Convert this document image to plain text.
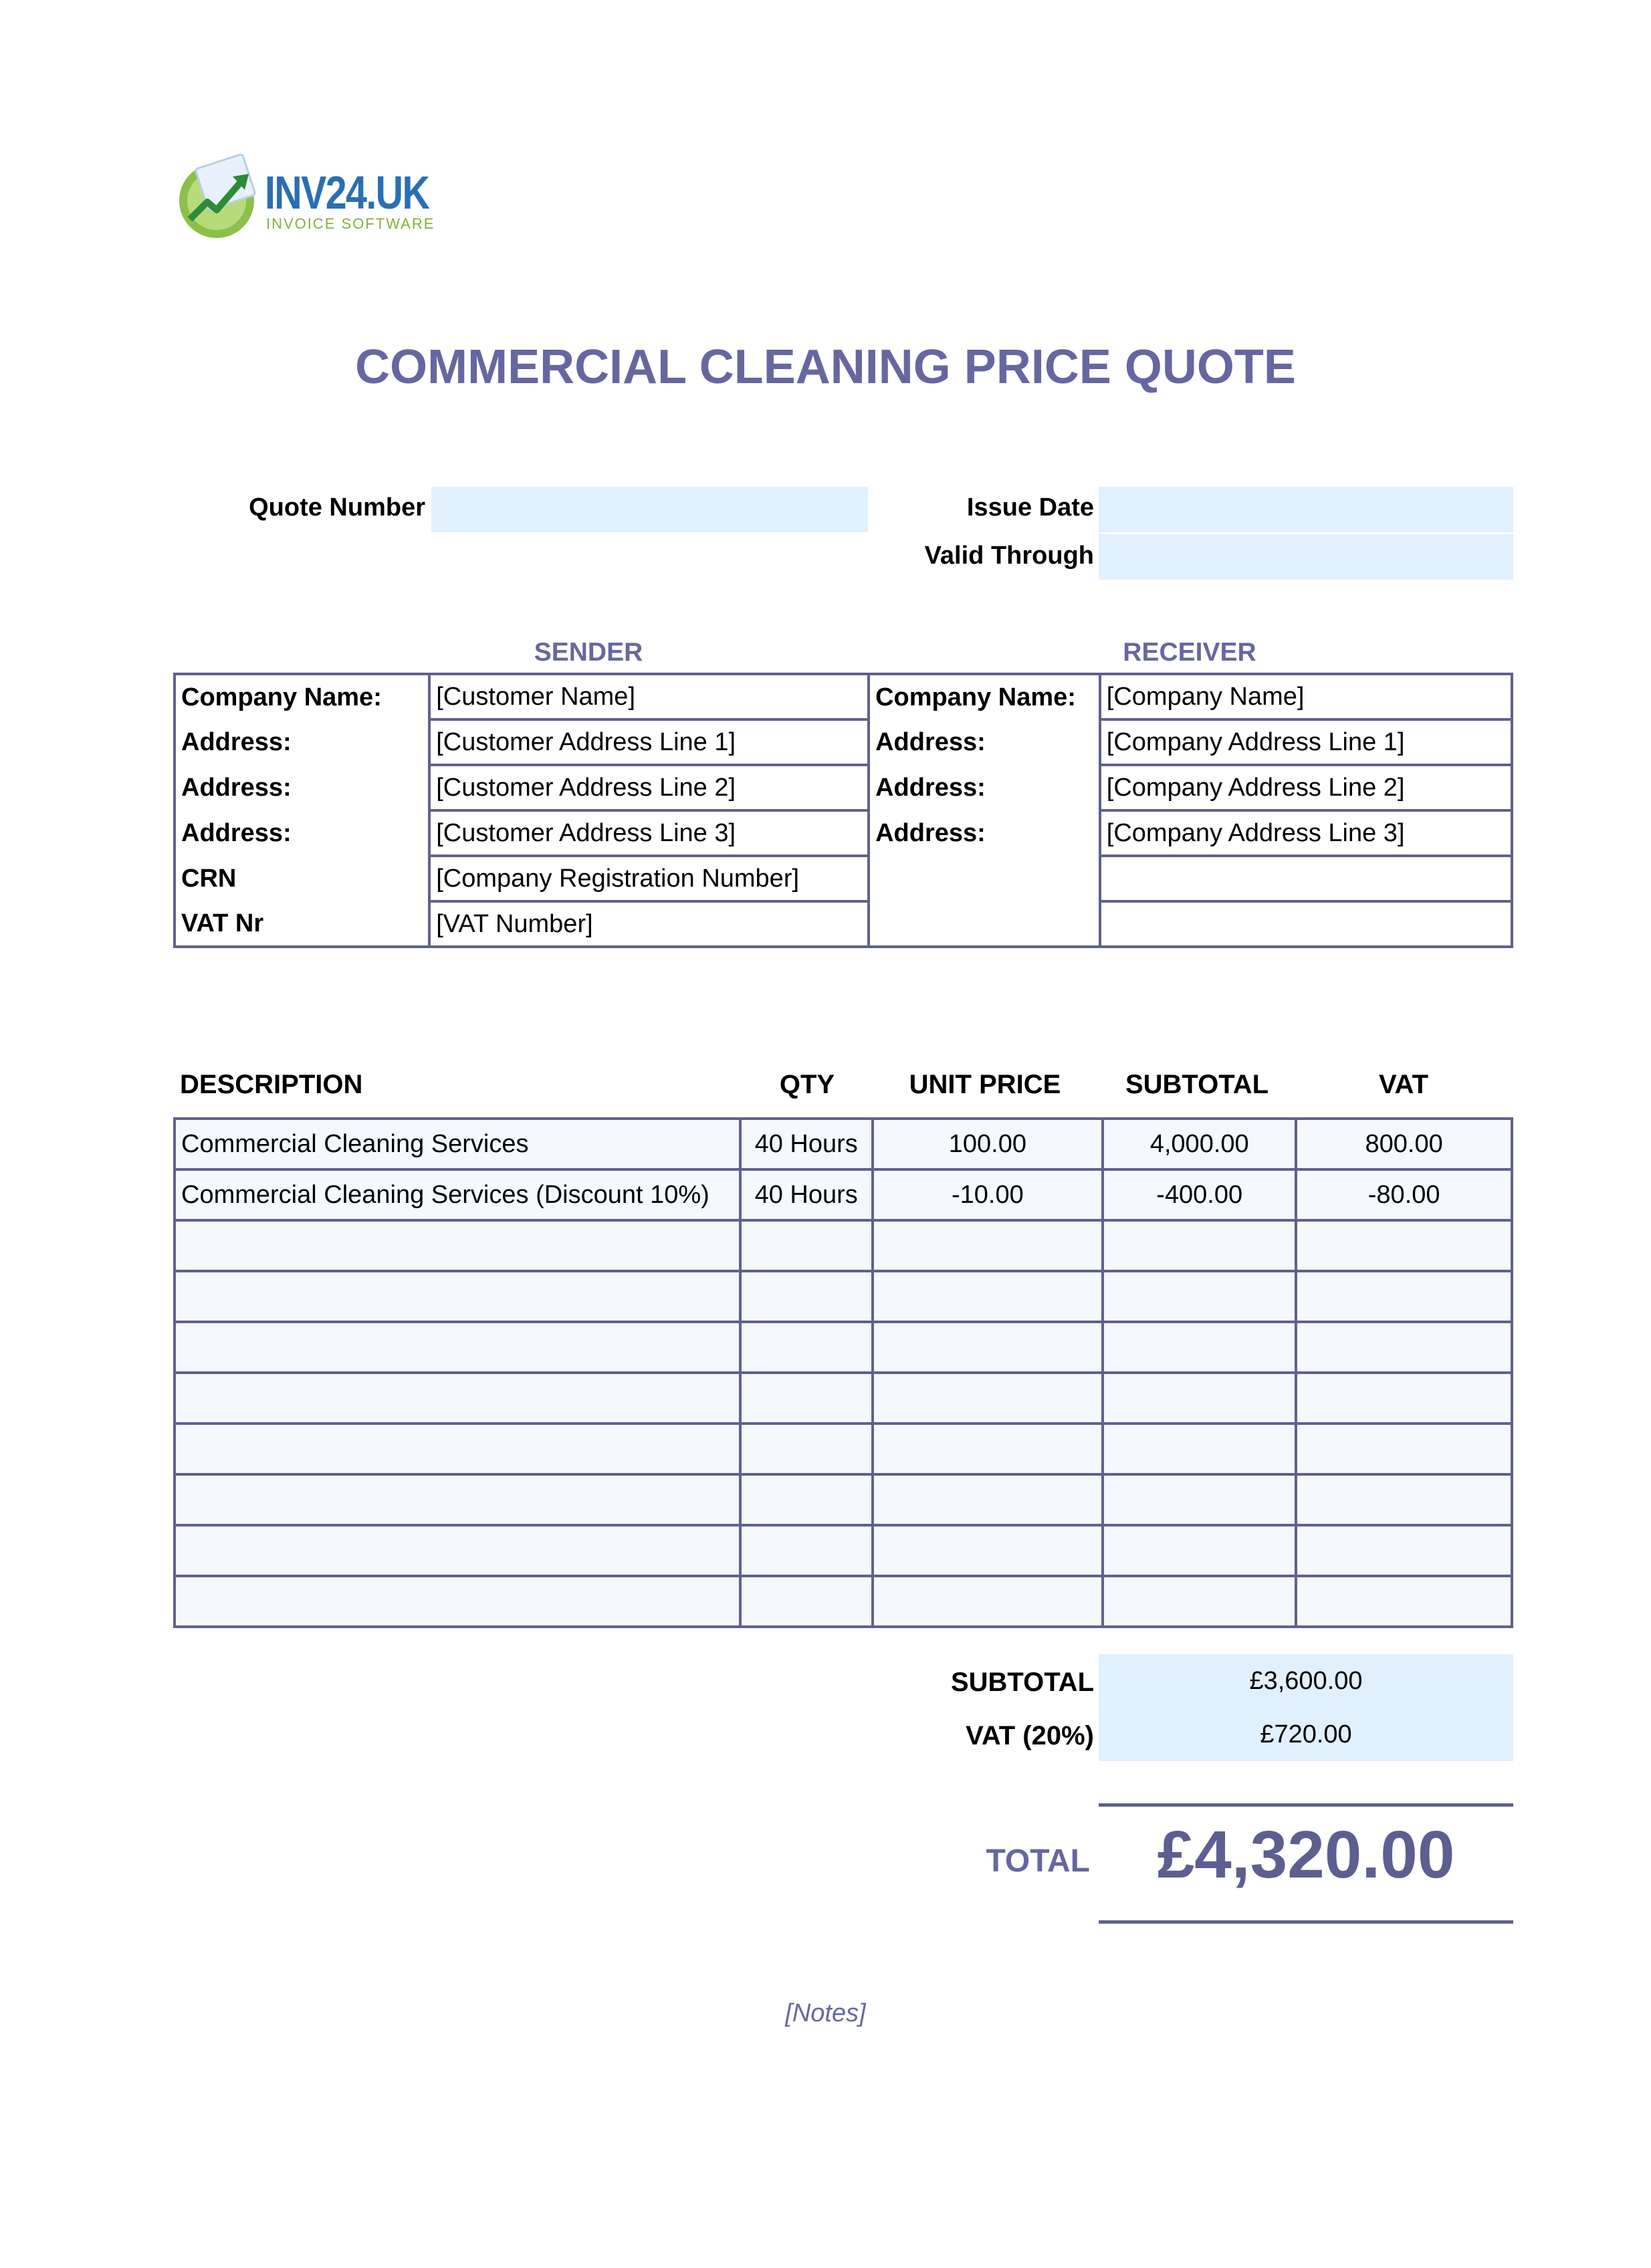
INV24.UK
INVOICE SOFTWARE
COMMERCIAL CLEANING PRICE QUOTE
Quote Number	Issue Date
Valid Through
SENDER	RECEIVER
Company Name:	[Customer Name]	Company Name:	[Company Name]
Address:	[Customer Address Line 1]	Address:	[Company Address Line 1]
Address:	[Customer Address Line 2]	Address:	[Company Address Line 2]
Address:	[Customer Address Line 3]	Address:	[Company Address Line 3]
CRN	[Company Registration Number]		
VAT Nr	[VAT Number]		
DESCRIPTION	QTY	UNIT PRICE	SUBTOTAL	VAT
Commercial Cleaning Services	40 Hours	100.00	4,000.00	800.00
Commercial Cleaning Services (Discount 10%)	40 Hours	-10.00	-400.00	-80.00

SUBTOTAL	£3,600.00
VAT (20%)	£720.00
TOTAL	£4,320.00
[Notes]
